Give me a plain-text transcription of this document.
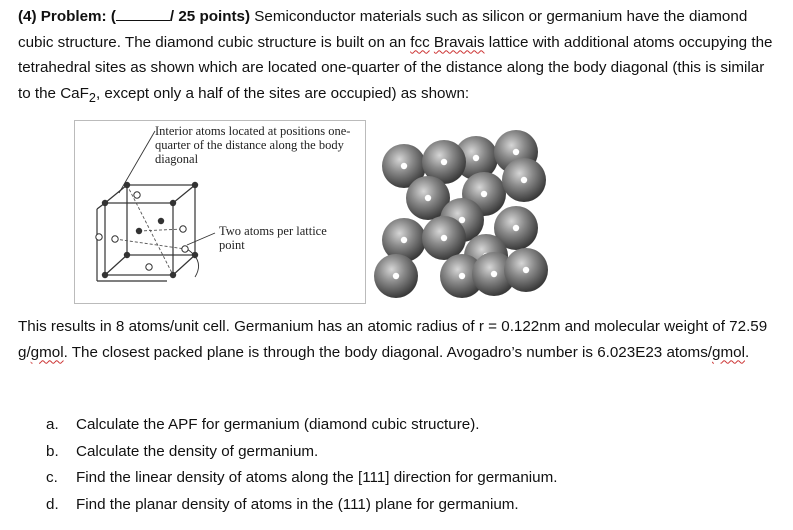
(4) Problem: (	/ 25 points) Semiconductor materials such as silicon or germanium have the diamond cubic structure. The diamond cubic structure is built on an fcc Bravais lattice with additional atoms occupying the tetrahedral sites as shown which are located one-quarter of the distance along the body diagonal (this is similar to the CaF$_2$, except only a half of the sites are occupied) as shown:
Interior atoms located at positions one-quarter of the distance along the body diagonal
Two atoms per lattice point
This results in 8 atoms/unit cell. Germanium has an atomic radius of r = 0.122nm and molecular weight of 72.59 g/gmol. The closest packed plane is through the body diagonal. Avogadro’s number is 6.023E23 atoms/gmol.
a.	Calculate the APF for germanium (diamond cubic structure).
b.	Calculate the density of germanium.
c.	Find the linear density of atoms along the [111] direction for germanium.
d.	Find the planar density of atoms in the (111) plane for germanium.
